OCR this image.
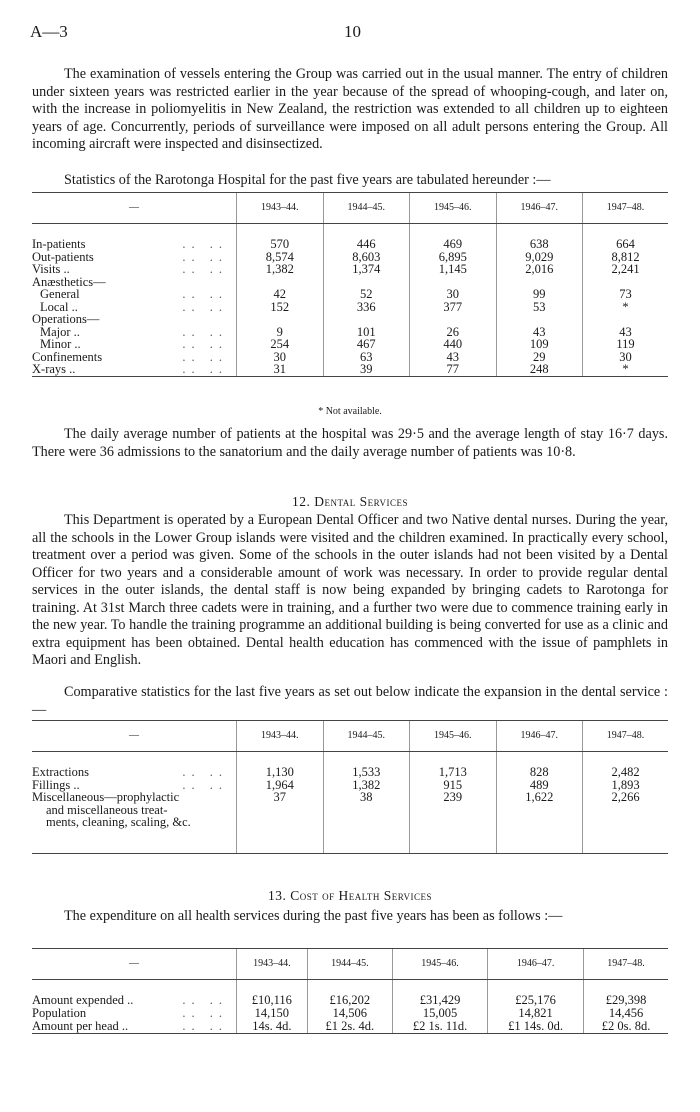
A—3	10

The examination of vessels entering the Group was carried out in the usual manner. The entry of children under sixteen years was restricted earlier in the year because of the spread of whooping-cough, and later on, with the increase in poliomyelitis in New Zealand, the restriction was extended to all children up to eighteen years of age. Concurrently, periods of surveillance were imposed on all adult persons entering the Group. All incoming aircraft were inspected and disinsectized.

Statistics of the Rarotonga Hospital for the past five years are tabulated hereunder :—

—	1943–44.	1944–45.	1945–46.	1946–47.	1947–48.

In-patients .. ..	570	446	469	638	664
Out-patients .. ..	8,574	8,603	6,895	9,029	8,812
Visits .. .. ..	1,382	1,374	1,145	2,016	2,241
Anæsthetics—					
General .. ..	42	52	30	99	73
Local .. .. ..	152	336	377	53	*
Operations—					
Major .. .. ..	9	101	26	43	43
Minor .. .. ..	254	467	440	109	119
Confinements .. ..	30	63	43	29	30
X-rays .. .. ..	31	39	77	248	*
* Not available.

The daily average number of patients at the hospital was 29·5 and the average length of stay 16·7 days. There were 36 admissions to the sanatorium and the daily average number of patients was 10·8.

12. Dental Services

This Department is operated by a European Dental Officer and two Native dental nurses. During the year, all the schools in the Lower Group islands were visited and the children examined. In practically every school, treatment over a period was given. Some of the schools in the outer islands had not been visited by a Dental Officer for two years and a considerable amount of work was necessary. In order to provide regular dental services in the outer islands, the dental staff is now being expanded by bringing cadets to Rarotonga for training. At 31st March three cadets were in training, and a further two were due to commence training early in the new year. To handle the training programme an additional building is being converted for use as a clinic and extra equipment has been obtained. Dental health education has commenced with the issue of pamphlets in Maori and English.

Comparative statistics for the last five years as set out below indicate the expansion in the dental service :—

—	1943–44.	1944–45.	1945–46.	1946–47.	1947–48.

Extractions .. ..	1,130	1,533	1,713	828	2,482
Fillings .. .. ..	1,964	1,382	915	489	1,893
Miscellaneous—prophylactic	37	38	239	1,622	2,266
and miscellaneous treat-					
ments, cleaning, scaling, &c.					
13. Cost of Health Services

The expenditure on all health services during the past five years has been as follows :—

—	1943–44.	1944–45.	1945–46.	1946–47.	1947–48.

Amount expended .. .. ..	£10,116	£16,202	£31,429	£25,176	£29,398
Population .. ..	14,150	14,506	15,005	14,821	14,456
Amount per head .. .. ..	14s. 4d.	£1 2s. 4d.	£2 1s. 11d.	£1 14s. 0d.	£2 0s. 8d.
